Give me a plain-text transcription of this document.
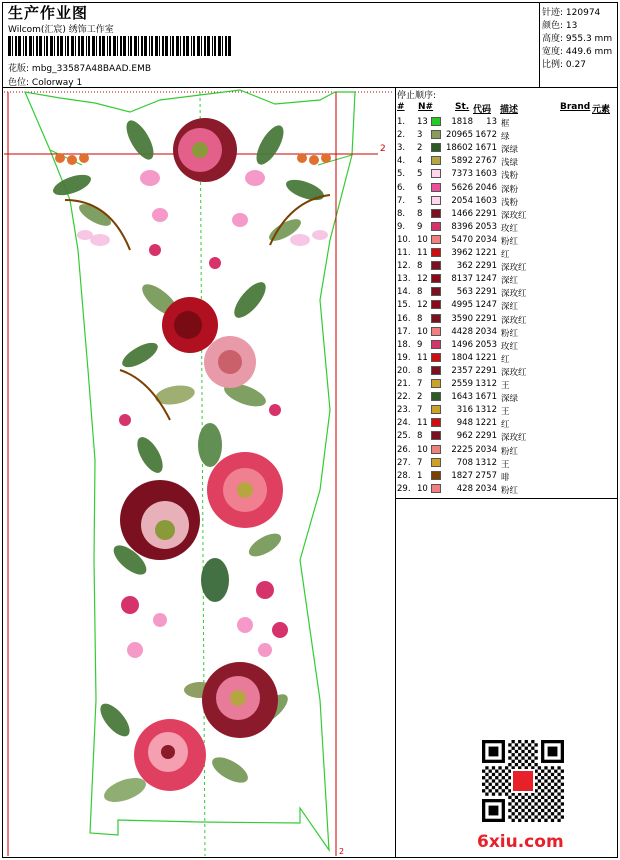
生产作业图
Wilcom(汇宸) 绣饰工作室
花版: mbg_33587A48BAAD.EMB
色位: Colorway 1
针迹: 120974
颜色: 13
高度: 955.3 mm
宽度: 449.6 mm
比例: 0.27
2
2
停止顺序:
# N# St. 代码 描述	Brand 元素
1. 13	1818	13 框
2. 3	20965 1672 绿
3. 2	18602 1671 深绿
4. 4	5892 2767 浅绿
5. 5	7373 1603 浅粉
6. 6	5626 2046 深粉
7. 5	2054 1603 浅粉
8. 8	1466 2291 深玫红
9. 9	8396 2053 玫红
10. 10	5470 2034 粉红
11. 11	3962 1221 红
12. 8	362 2291 深玫红
13. 12	8137 1247 深红
14. 8	563 2291 深玫红
15. 12	4995 1247 深红
16. 8	3590 2291 深玫红
17. 10	4428 2034 粉红
18. 9	1496 2053 玫红
19. 11	1804 1221 红
20. 8	2357 2291 深玫红
21. 7	2559 1312 王
22. 2	1643 1671 深绿
23. 7	316 1312 王
24. 11	948 1221 红
25. 8	962 2291 深玫红
26. 10	2225 2034 粉红
27. 7	708 1312 王
28. 1	1827 2757 啡
29. 10	428 2034 粉红
6xiu.com
